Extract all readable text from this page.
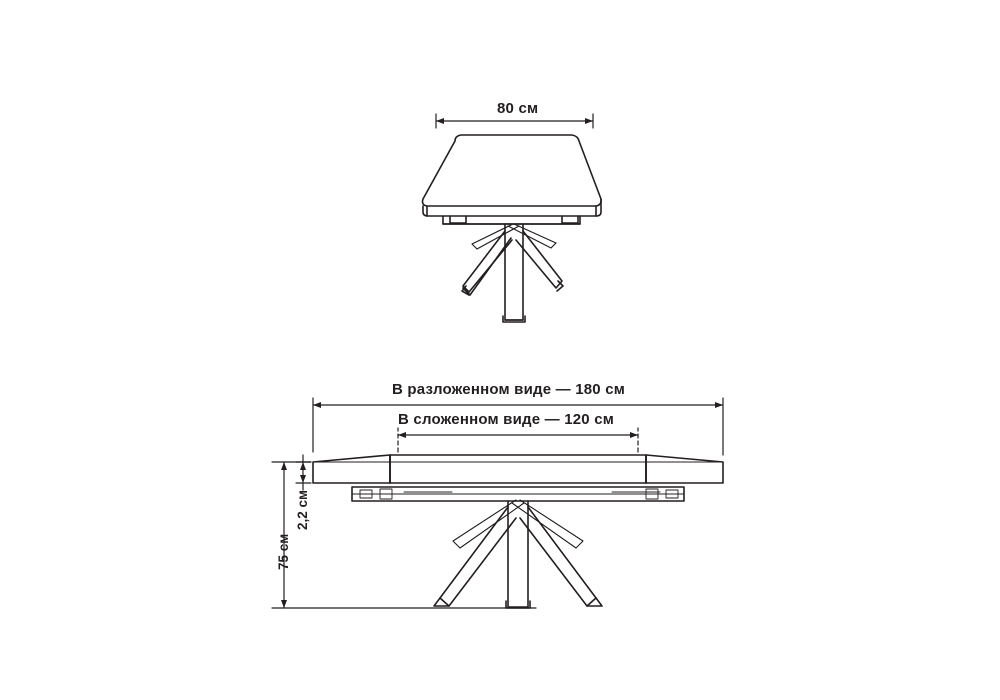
80 см
В разложенном виде — 180 см
В сложенном виде — 120 см
2,2 см
75 см
